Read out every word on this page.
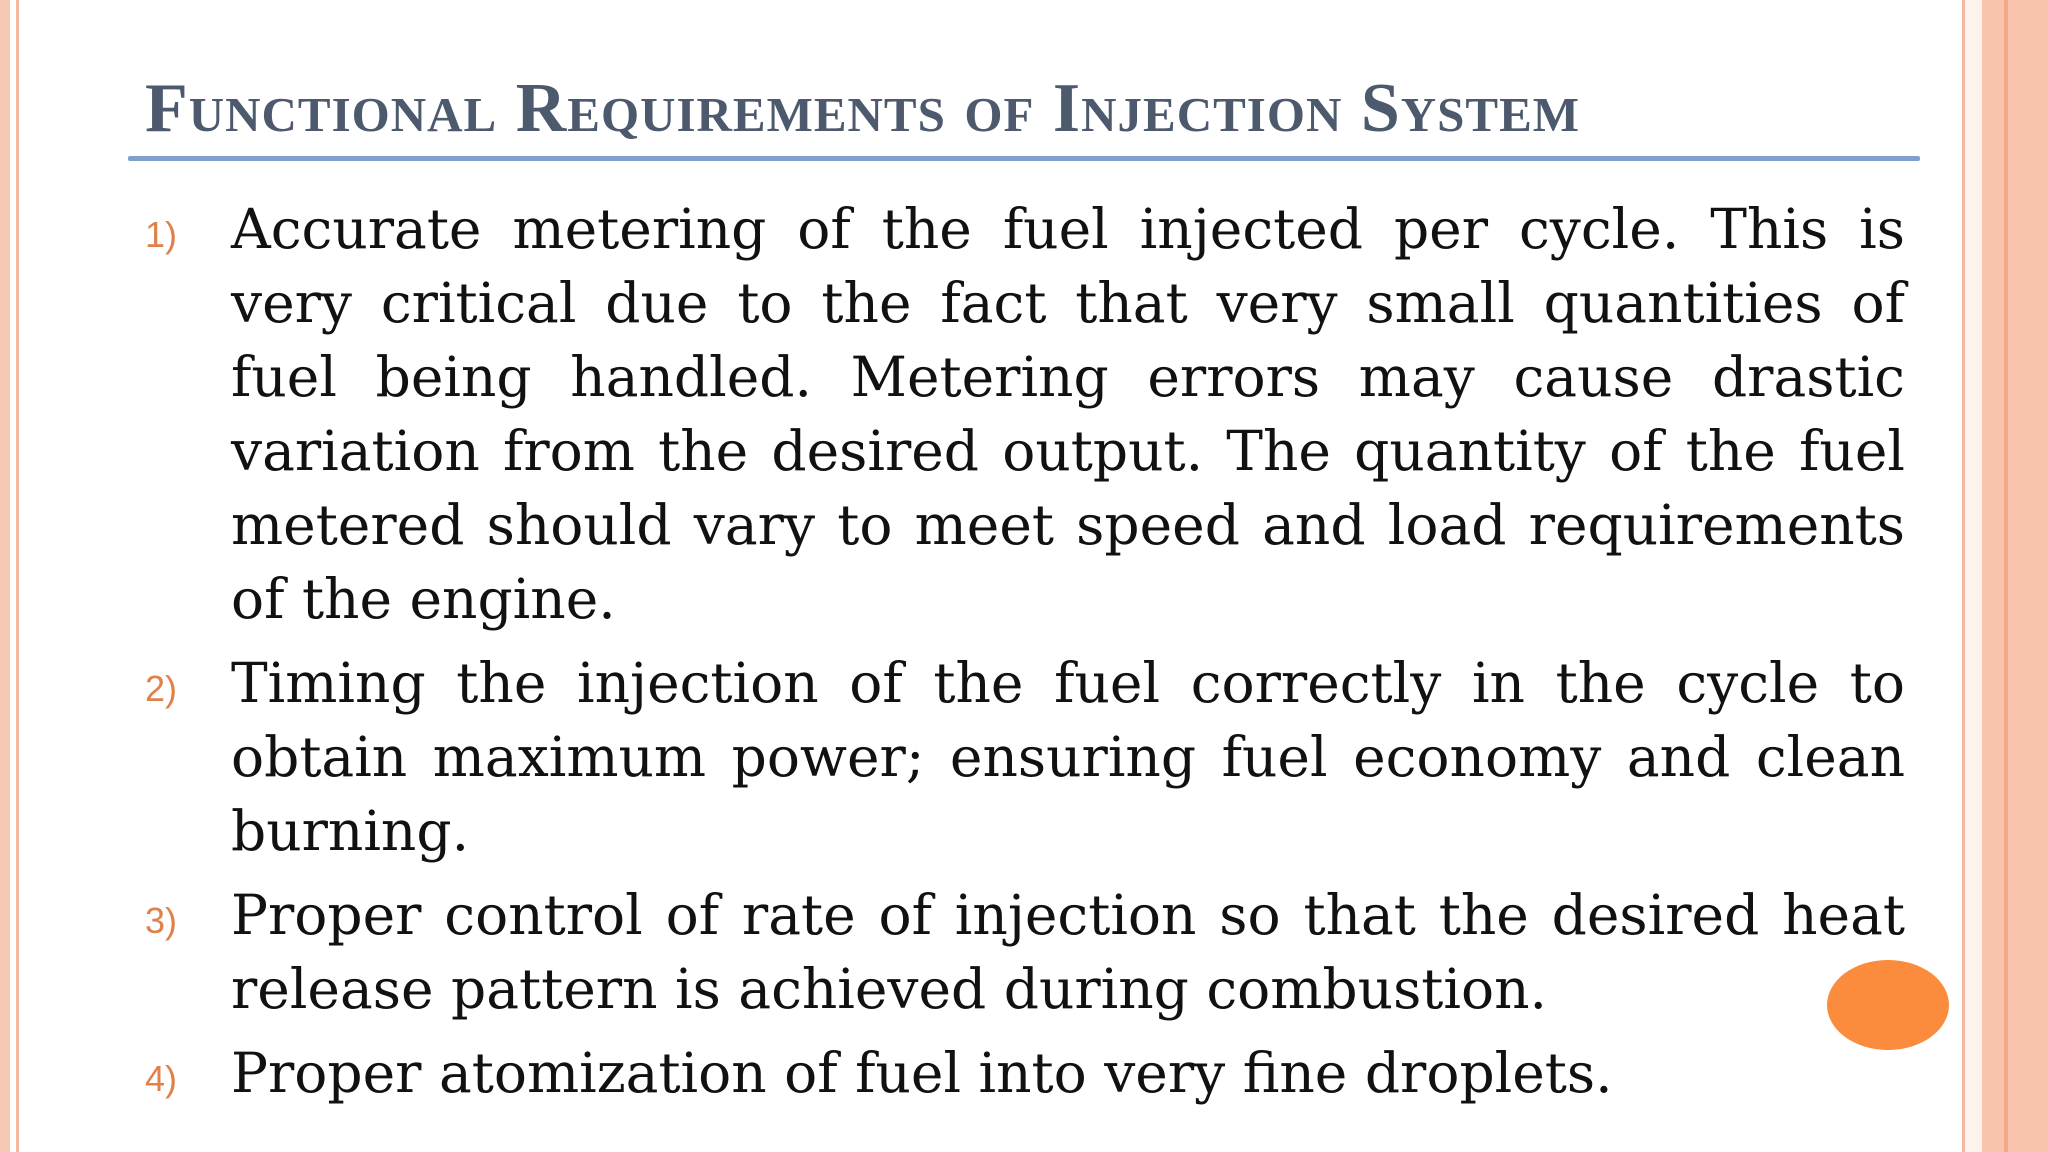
Functional Requirements of Injection System
1) Accurate metering of the fuel injected per cycle. This is very critical due to the fact that very small quantities of fuel being handled. Metering errors may cause drastic variation from the desired output. The quantity of the fuel metered should vary to meet speed and load requirements of the engine.
2) Timing the injection of the fuel correctly in the cycle to obtain maximum power; ensuring fuel economy and clean burning.
3) Proper control of rate of injection so that the desired heat release pattern is achieved during combustion.
4) Proper atomization of fuel into very fine droplets.
